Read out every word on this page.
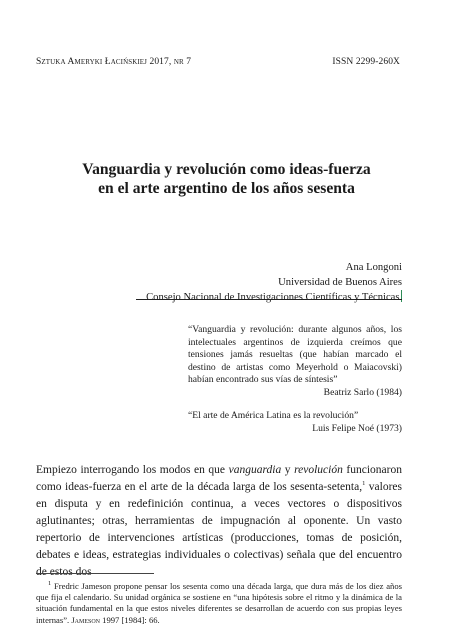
Sztuka Ameryki Łacińskiej 2017, nr 7	ISSN 2299-260X
Vanguardia y revolución como ideas-fuerza
en el arte argentino de los años sesenta
Ana Longoni
Universidad de Buenos Aires
Consejo Nacional de Investigaciones Científicas y Técnicas

“Vanguardia y revolución: durante algunos años, los intelectuales argentinos de izquierda creímos que tensiones jamás resueltas (que habían marcado el destino de artistas como Meyerhold o Maiacovski) habían encontrado sus vías de síntesis”

Beatriz Sarlo (1984)

“El arte de América Latina es la revolución”

Luis Felipe Noé (1973)

Empiezo interrogando los modos en que vanguardia y revolución funcionaron como ideas-fuerza en el arte de la década larga de los sesenta-setenta,$^1$ valores en disputa y en redefinición continua, a veces vectores o dispositivos aglutinantes; otras, herramientas de impugnación al oponente. Un vasto repertorio de intervenciones artísticas (producciones, tomas de posición, debates e ideas, estrategias individuales o colectivas) señala que del encuentro de estos dos

$^1$ Fredric Jameson propone pensar los sesenta como una década larga, que dura más de los diez años que fija el calendario. Su unidad orgánica se sostiene en “una hipótesis sobre el ritmo y la dinámica de la situación fundamental en la que estos niveles diferentes se desarrollan de acuerdo con sus propias leyes internas”. Jameson 1997 [1984]: 66.
